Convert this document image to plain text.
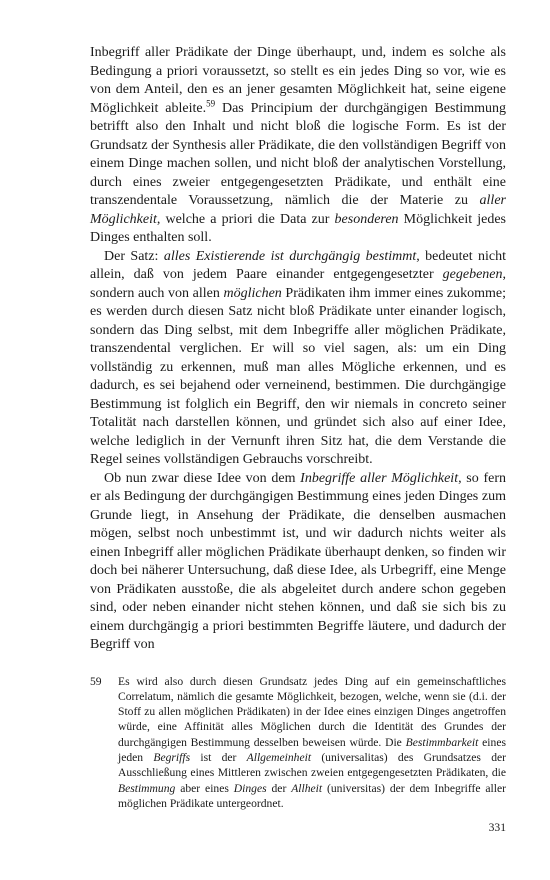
Inbegriff aller Prädikate der Dinge überhaupt, und, indem es solche als Bedingung a priori voraussetzt, so stellt es ein jedes Ding so vor, wie es von dem Anteil, den es an jener gesamten Möglichkeit hat, seine eigene Möglichkeit ableite.$^{59}$ Das Principium der durchgängigen Bestimmung betrifft also den Inhalt und nicht bloß die logische Form. Es ist der Grundsatz der Synthesis aller Prädikate, die den vollständigen Begriff von einem Dinge machen sollen, und nicht bloß der analytischen Vorstellung, durch eines zweier entgegengesetzten Prädikate, und enthält eine transzendentale Voraussetzung, nämlich die der Materie zu aller Möglichkeit, welche a priori die Data zur besonderen Möglichkeit jedes Dinges enthalten soll.

Der Satz: alles Existierende ist durchgängig bestimmt, bedeutet nicht allein, daß von jedem Paare einander entgegengesetzter gegebenen, sondern auch von allen möglichen Prädikaten ihm immer eines zukomme; es werden durch diesen Satz nicht bloß Prädikate unter einander logisch, sondern das Ding selbst, mit dem Inbegriffe aller möglichen Prädikate, transzendental verglichen. Er will so viel sagen, als: um ein Ding vollständig zu erkennen, muß man alles Mögliche erkennen, und es dadurch, es sei bejahend oder verneinend, bestimmen. Die durchgängige Bestimmung ist folglich ein Begriff, den wir niemals in concreto seiner Totalität nach darstellen können, und gründet sich also auf einer Idee, welche lediglich in der Vernunft ihren Sitz hat, die dem Verstande die Regel seines vollständigen Gebrauchs vorschreibt.

Ob nun zwar diese Idee von dem Inbegriffe aller Möglichkeit, so fern er als Bedingung der durchgängigen Bestimmung eines jeden Dinges zum Grunde liegt, in Ansehung der Prädikate, die denselben ausmachen mögen, selbst noch unbestimmt ist, und wir dadurch nichts weiter als einen Inbegriff aller möglichen Prädikate überhaupt denken, so finden wir doch bei näherer Untersuchung, daß diese Idee, als Urbegriff, eine Menge von Prädikaten ausstoße, die als abgeleitet durch andere schon gegeben sind, oder neben einander nicht stehen können, und daß sie sich bis zu einem durchgängig a priori bestimmten Begriffe läutere, und dadurch der Begriff von

59	Es wird also durch diesen Grundsatz jedes Ding auf ein gemeinschaftliches Correlatum, nämlich die gesamte Möglichkeit, bezogen, welche, wenn sie (d.i. der Stoff zu allen möglichen Prädikaten) in der Idee eines einzigen Dinges angetroffen würde, eine Affinität alles Möglichen durch die Identität des Grundes der durchgängigen Bestimmung desselben beweisen würde. Die Bestimmbarkeit eines jeden Begriffs ist der Allgemeinheit (universalitas) des Grundsatzes der Ausschließung eines Mittleren zwischen zweien entgegengesetzten Prädikaten, die Bestimmung aber eines Dinges der Allheit (universitas) der dem Inbegriffe aller möglichen Prädikate untergeordnet.
331
